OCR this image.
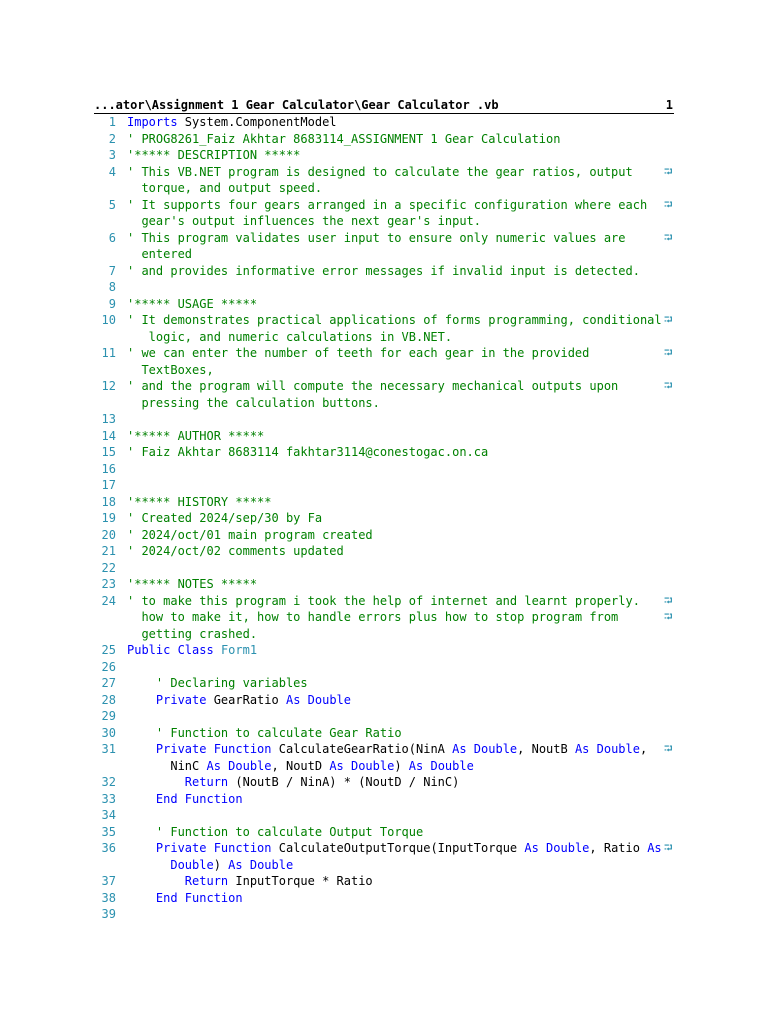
...ator\Assignment 1 Gear Calculator\Gear Calculator .vb	1
1 Imports System.ComponentModel
2 ' PROG8261_Faiz Akhtar 8683114_ASSIGNMENT 1 Gear Calculation
3 '***** DESCRIPTION *****
4 ' This VB.NET program is designed to calculate the gear ratios, output	⮒
torque, and output speed.
5 ' It supports four gears arranged in a specific configuration where each	⮒
gear's output influences the next gear's input.
6 ' This program validates user input to ensure only numeric values are	⮒
entered
7 ' and provides informative error messages if invalid input is detected.
8
9 '***** USAGE *****
10 ' It demonstrates practical applications of forms programming, conditional ⮒
logic, and numeric calculations in VB.NET.
11 ' we can enter the number of teeth for each gear in the provided	⮒
TextBoxes,
12 ' and the program will compute the necessary mechanical outputs upon	⮒
pressing the calculation buttons.
13
14 '***** AUTHOR *****
15 ' Faiz Akhtar 8683114 fakhtar3114@conestogac.on.ca
16
17
18 '***** HISTORY *****
19 ' Created 2024/sep/30 by Fa
20 ' 2024/oct/01 main program created
21 ' 2024/oct/02 comments updated
22
23 '***** NOTES *****
24 ' to make this program i took the help of internet and learnt properly.	⮒
how to make it, how to handle errors plus how to stop program from	⮒
getting crashed.
25 Public Class Form1
26
27	' Declaring variables
28	Private GearRatio As Double
29
30	' Function to calculate Gear Ratio
31	Private Function CalculateGearRatio(NinA As Double, NoutB As Double,	⮒
NinC As Double, NoutD As Double) As Double
32	Return (NoutB / NinA) * (NoutD / NinC)
33	End Function
34
35	' Function to calculate Output Torque
36	Private Function CalculateOutputTorque(InputTorque As Double, Ratio As ⮒
Double) As Double
37	Return InputTorque * Ratio
38	End Function
39
